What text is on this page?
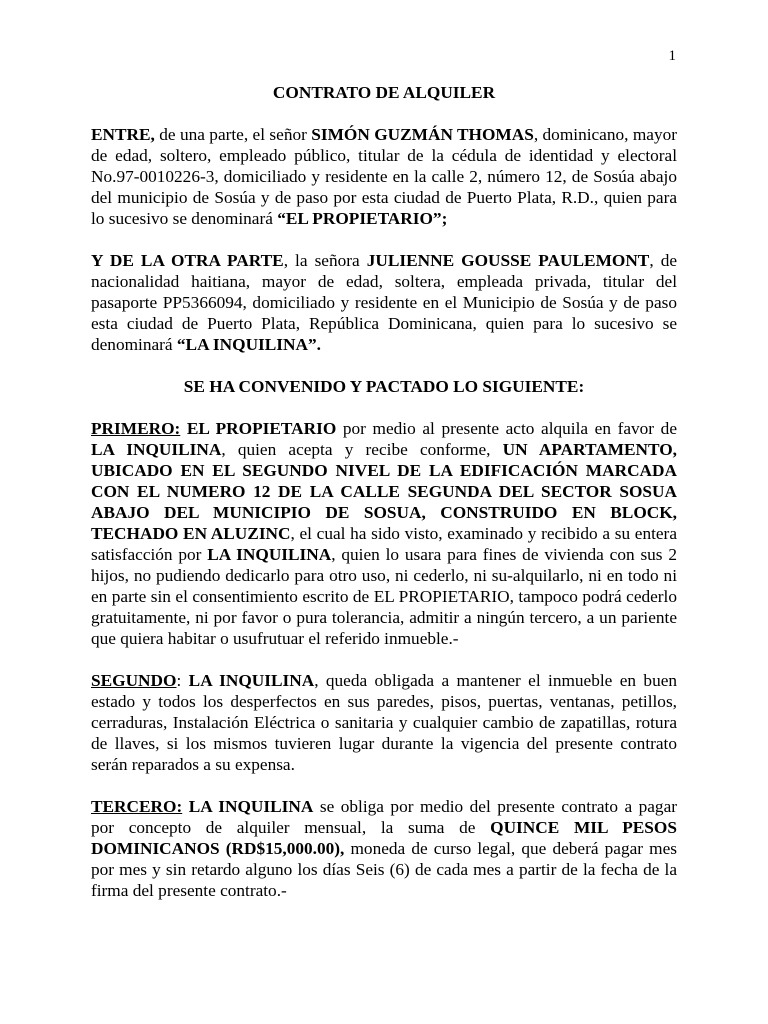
1
CONTRATO DE ALQUILER
ENTRE, de una parte, el señor SIMÓN GUZMÁN THOMAS, dominicano, mayor de edad, soltero, empleado público, titular de la cédula de identidad y electoral No.97-0010226-3, domiciliado y residente en la calle 2, número 12, de Sosúa abajo del municipio de Sosúa y de paso por esta ciudad de Puerto Plata, R.D., quien para lo sucesivo se denominará “EL PROPIETARIO”;
Y DE LA OTRA PARTE, la señora JULIENNE GOUSSE PAULEMONT, de nacionalidad haitiana, mayor de edad, soltera, empleada privada, titular del pasaporte PP5366094, domiciliado y residente en el Municipio de Sosúa y de paso esta ciudad de Puerto Plata, República Dominicana, quien para lo sucesivo se denominará “LA INQUILINA”.
SE HA CONVENIDO Y PACTADO LO SIGUIENTE:
PRIMERO: EL PROPIETARIO por medio al presente acto alquila en favor de LA INQUILINA, quien acepta y recibe conforme, UN APARTAMENTO, UBICADO EN EL SEGUNDO NIVEL DE LA EDIFICACIÓN MARCADA CON EL NUMERO 12 DE LA CALLE SEGUNDA DEL SECTOR SOSUA ABAJO DEL MUNICIPIO DE SOSUA, CONSTRUIDO EN BLOCK, TECHADO EN ALUZINC, el cual ha sido visto, examinado y recibido a su entera satisfacción por LA INQUILINA, quien lo usara para fines de vivienda con sus 2 hijos, no pudiendo dedicarlo para otro uso, ni cederlo, ni su-alquilarlo, ni en todo ni en parte sin el consentimiento escrito de EL PROPIETARIO, tampoco podrá cederlo gratuitamente, ni por favor o pura tolerancia, admitir a ningún tercero, a un pariente que quiera habitar o usufrutuar el referido inmueble.-
SEGUNDO: LA INQUILINA, queda obligada a mantener el inmueble en buen estado y todos los desperfectos en sus paredes, pisos, puertas, ventanas, petillos, cerraduras, Instalación Eléctrica o sanitaria y cualquier cambio de zapatillas, rotura de llaves, si los mismos tuvieren lugar durante la vigencia del presente contrato serán reparados a su expensa.
TERCERO: LA INQUILINA se obliga por medio del presente contrato a pagar por concepto de alquiler mensual, la suma de QUINCE MIL PESOS DOMINICANOS (RD$15,000.00), moneda de curso legal, que deberá pagar mes por mes y sin retardo alguno los días Seis (6) de cada mes a partir de la fecha de la firma del presente contrato.-
